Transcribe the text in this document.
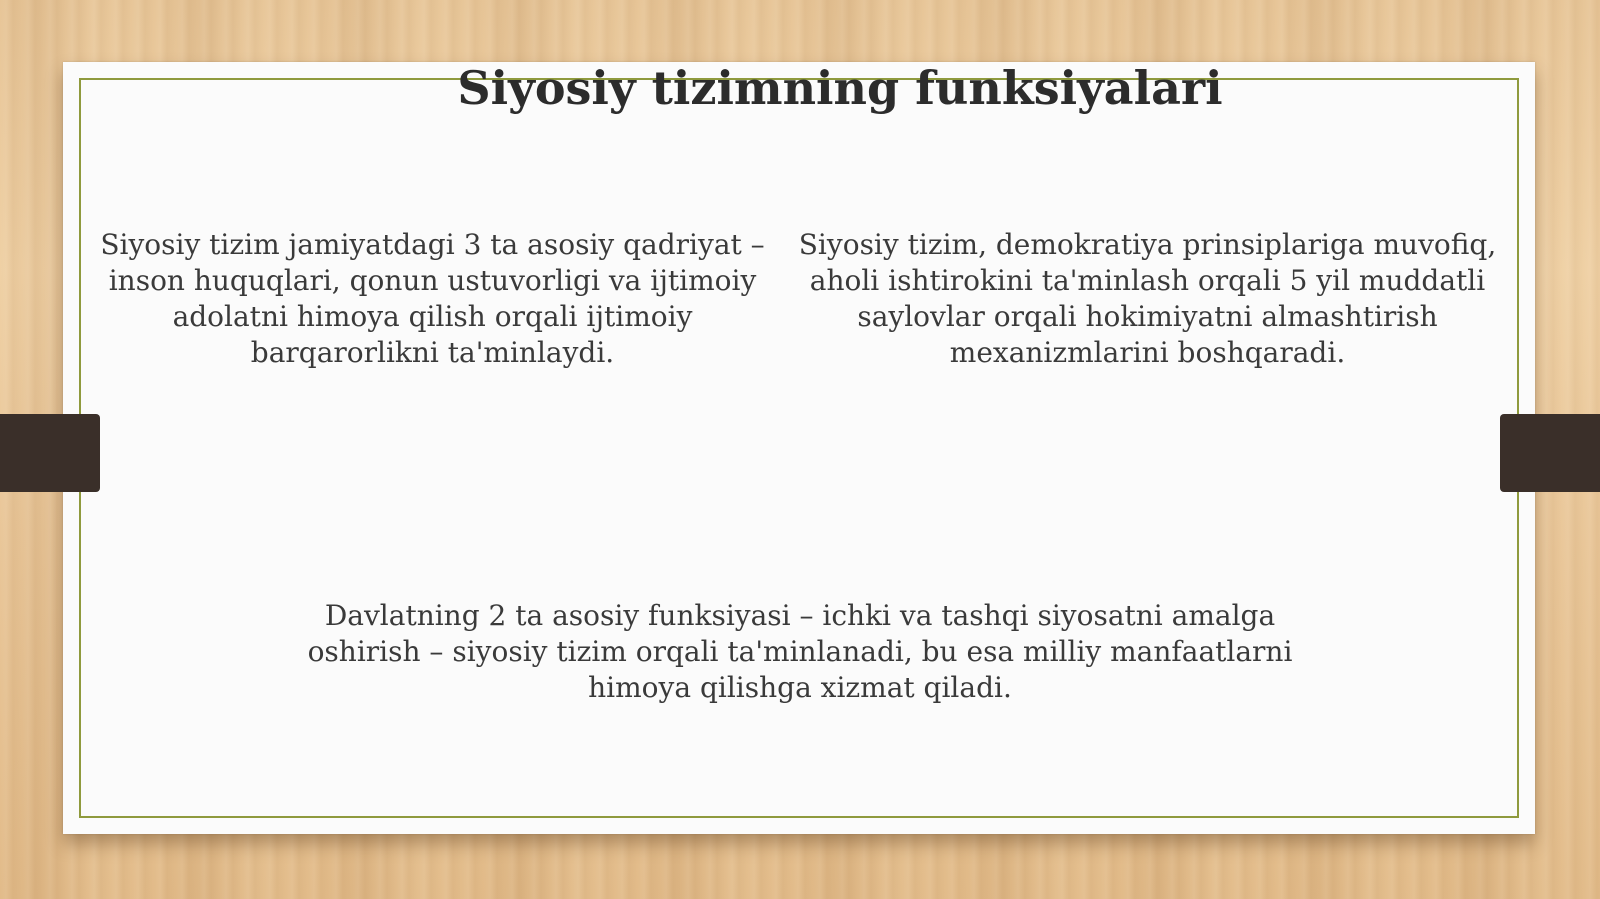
Siyosiy tizimning funksiyalari

Siyosiy tizim jamiyatdagi 3 ta asosiy qadriyat – inson huquqlari, qonun ustuvorligi va ijtimoiy adolatni himoya qilish orqali ijtimoiy barqarorlikni ta'minlaydi.

Siyosiy tizim, demokratiya prinsiplariga muvofiq, aholi ishtirokini ta'minlash orqali 5 yil muddatli saylovlar orqali hokimiyatni almashtirish mexanizmlarini boshqaradi.

Davlatning 2 ta asosiy funksiyasi – ichki va tashqi siyosatni amalga oshirish – siyosiy tizim orqali ta'minlanadi, bu esa milliy manfaatlarni himoya qilishga xizmat qiladi.
